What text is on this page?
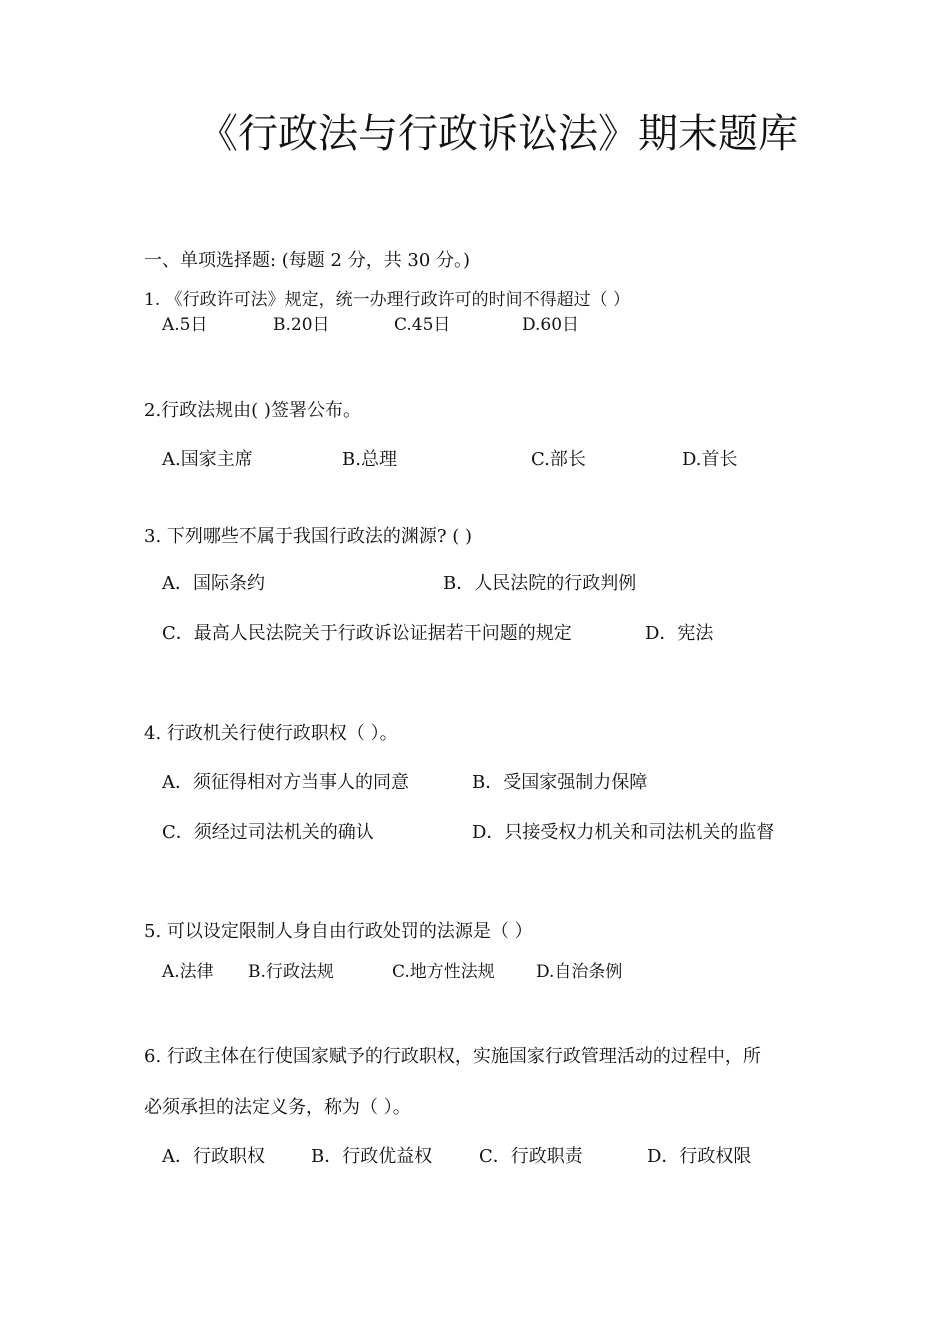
《行政法与行政诉讼法》期末题库
一、单项选择题: (每题 2 分，共 30 分。)
1. 《行政许可法》规定，统一办理行政许可的时间不得超过（ ）
A.5日	B.20日	C.45日	D.60日
2.行政法规由( )签署公布。
A.国家主席	B.总理	C.部长	D.首长
3. 下列哪些不属于我国行政法的渊源? ( )
A．国际条约	B．人民法院的行政判例
C．最高人民法院关于行政诉讼证据若干问题的规定	D．宪法
4. 行政机关行使行政职权（ ）。
A．须征得相对方当事人的同意	B．受国家强制力保障
C．须经过司法机关的确认	D．只接受权力机关和司法机关的监督
5. 可以设定限制人身自由行政处罚的法源是（ ）
A.法律 B.行政法规	C.地方性法规 D.自治条例
6. 行政主体在行使国家赋予的行政职权，实施国家行政管理活动的过程中，所
必须承担的法定义务，称为（ ）。
A．行政职权	B．行政优益权	C．行政职责	D．行政权限
